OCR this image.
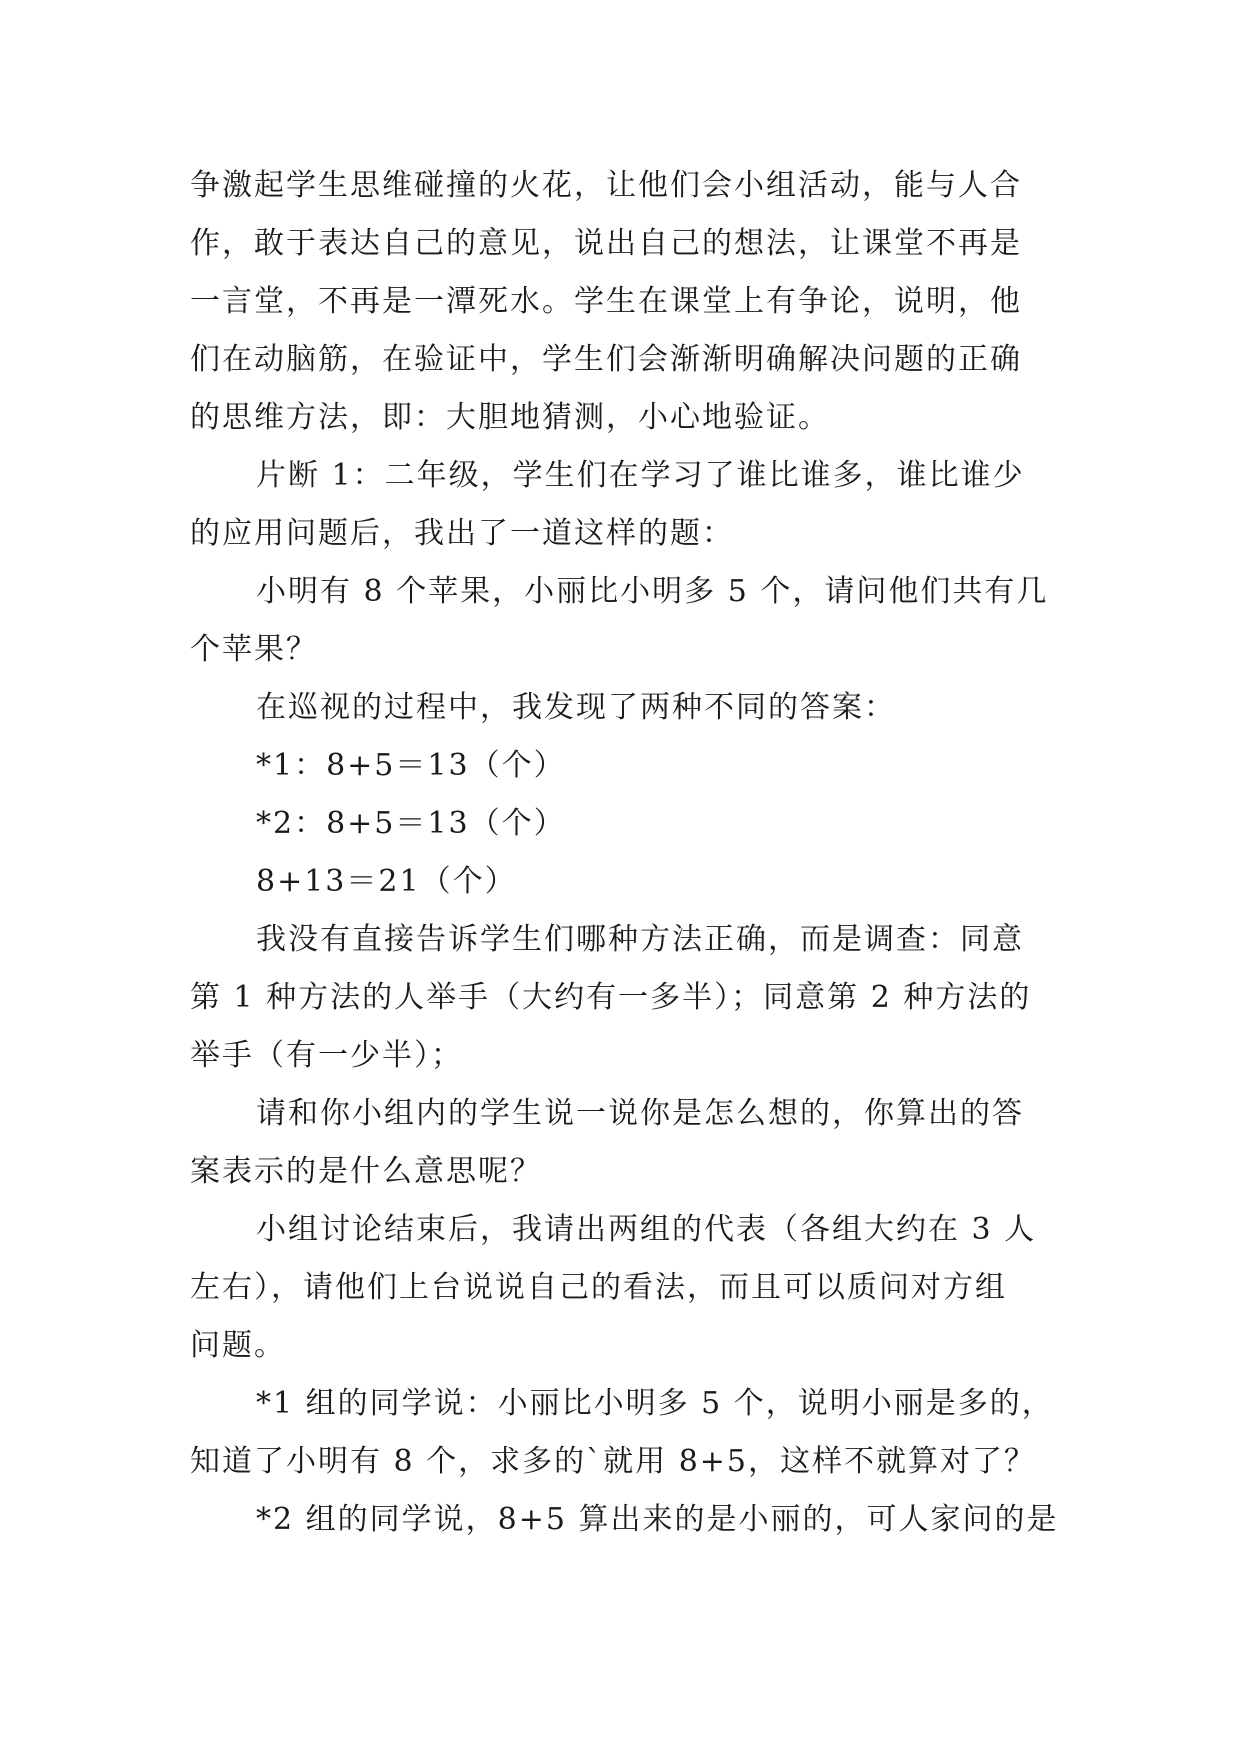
争激起学生思维碰撞的火花，让他们会小组活动，能与人合
作，敢于表达自己的意见，说出自己的想法，让课堂不再是
一言堂，不再是一潭死水。学生在课堂上有争论，说明，他
们在动脑筋，在验证中，学生们会渐渐明确解决问题的正确
的思维方法，即：大胆地猜测，小心地验证。
片断 1：二年级，学生们在学习了谁比谁多，谁比谁少
的应用问题后，我出了一道这样的题：
小明有 8 个苹果，小丽比小明多 5 个，请问他们共有几
个苹果？
在巡视的过程中，我发现了两种不同的答案：
*1：8+5＝13（个）
*2：8+5＝13（个）
8+13＝21（个）
我没有直接告诉学生们哪种方法正确，而是调查：同意
第 1 种方法的人举手（大约有一多半）；同意第 2 种方法的
举手（有一少半）；
请和你小组内的学生说一说你是怎么想的，你算出的答
案表示的是什么意思呢？
小组讨论结束后，我请出两组的代表（各组大约在 3 人
左右），请他们上台说说自己的看法，而且可以质问对方组
问题。
*1 组的同学说：小丽比小明多 5 个，说明小丽是多的，
知道了小明有 8 个，求多的`就用 8+5，这样不就算对了？
*2 组的同学说，8+5 算出来的是小丽的，可人家问的是
